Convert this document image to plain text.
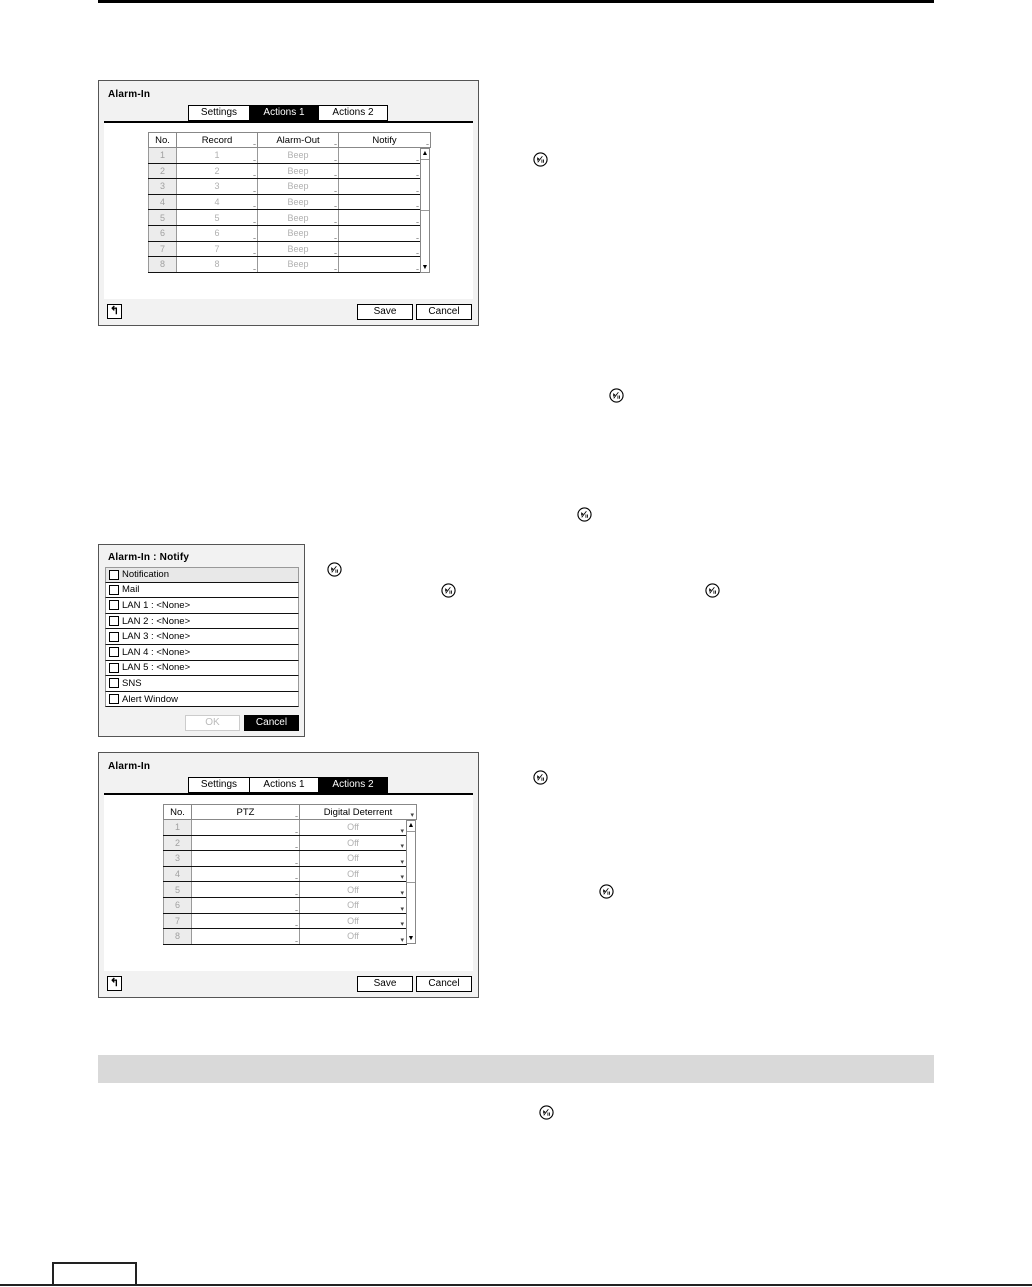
Alarm-In
Settings	Actions 1	Actions 2
No.	Record ...	Alarm-Out ...	Notify ...
1	1 ...	Beep ...	...	
2	2 ...	Beep ...	...	
3	3 ...	Beep ...	...	
4	4 ...	Beep ...	...	
5	5 ...	Beep ...	...	
6	6 ...	Beep ...	...	
7	7 ...	Beep ...	...	
8	8 ...	Beep ...	...	
▲
▼
↰	Save	Cancel
Alarm-In : Notify
Notification
Mail
LAN 1 : <None>
LAN 2 : <None>
LAN 3 : <None>
LAN 4 : <None>
LAN 5 : <None>
SNS
Alert Window
OK	Cancel
Alarm-In
Settings	Actions 1	Actions 2
No.	PTZ ...	Digital Deterrent ▾
1	...	Off ▾	
2	...	Off ▾	
3	...	Off ▾	
4	...	Off ▾	
5	...	Off ▾	
6	...	Off ▾	
7	...	Off ▾	
8	...	Off ▾	
▲
▼
↰	Save	Cancel
